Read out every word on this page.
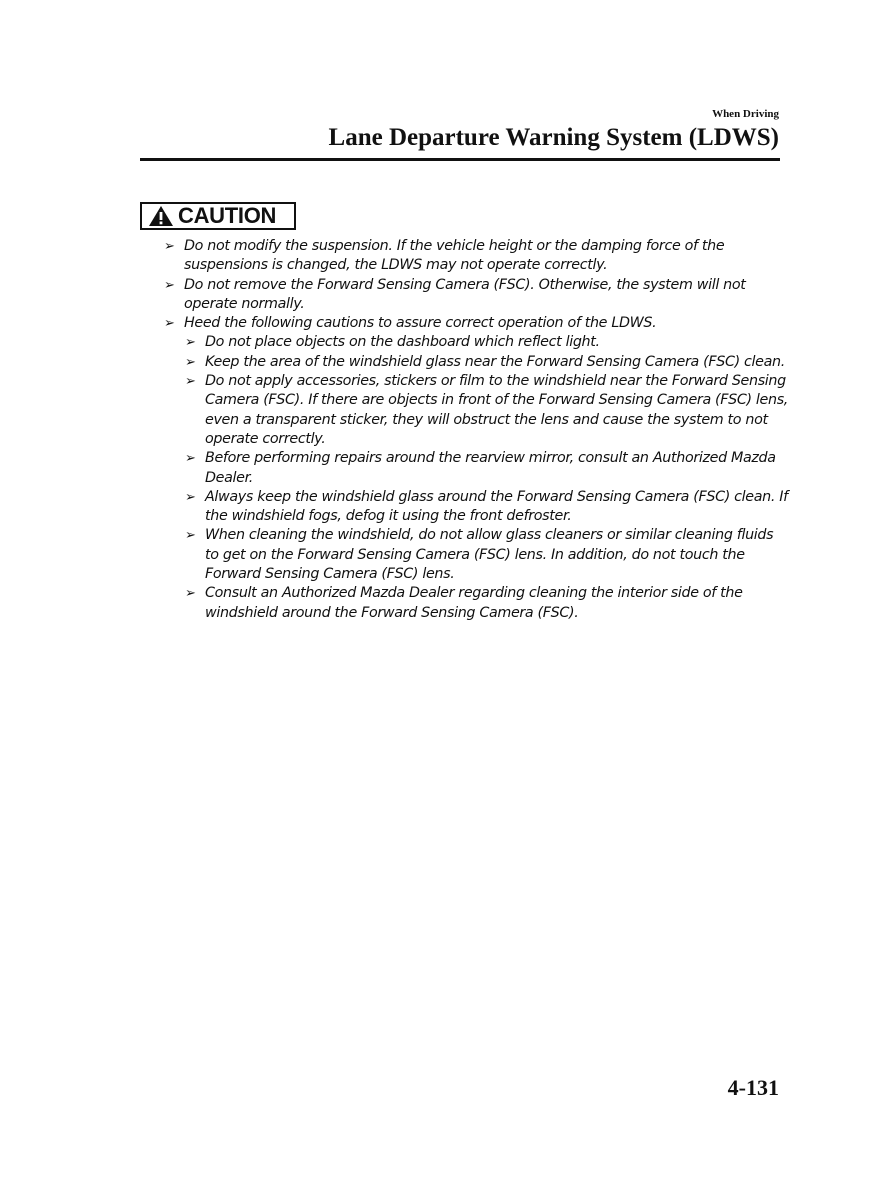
When Driving
Lane Departure Warning System (LDWS)
CAUTION
➢ Do not modify the suspension. If the vehicle height or the damping force of the suspensions is changed, the LDWS may not operate correctly.
➢ Do not remove the Forward Sensing Camera (FSC). Otherwise, the system will not operate normally.
➢ Heed the following cautions to assure correct operation of the LDWS.
➢ Do not place objects on the dashboard which reflect light.
➢ Keep the area of the windshield glass near the Forward Sensing Camera (FSC) clean.
➢ Do not apply accessories, stickers or film to the windshield near the Forward Sensing Camera (FSC). If there are objects in front of the Forward Sensing Camera (FSC) lens, even a transparent sticker, they will obstruct the lens and cause the system to not operate correctly.
➢ Before performing repairs around the rearview mirror, consult an Authorized Mazda Dealer.
➢ Always keep the windshield glass around the Forward Sensing Camera (FSC) clean. If the windshield fogs, defog it using the front defroster.
➢ When cleaning the windshield, do not allow glass cleaners or similar cleaning fluids to get on the Forward Sensing Camera (FSC) lens. In addition, do not touch the Forward Sensing Camera (FSC) lens.
➢ Consult an Authorized Mazda Dealer regarding cleaning the interior side of the windshield around the Forward Sensing Camera (FSC).
4-131
